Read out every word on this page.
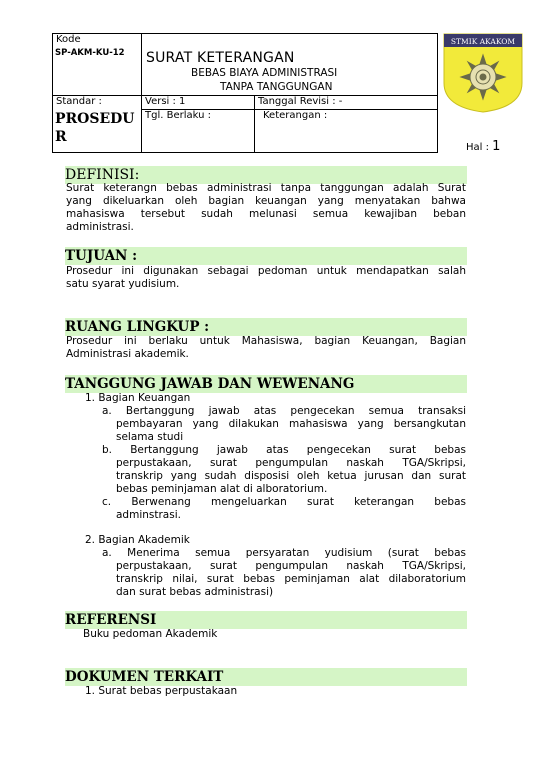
Kode
SP-AKM-KU-12 SURAT KETERANGAN
BEBAS BIAYA ADMINISTRASI
TANPA TANGGUNGAN
Standar :
PROSEDUR
Versi : 1	Tanggal Revisi : -
Tgl. Berlaku :	Keterangan :
STMIK AKAKOM
Hal : 1
DEFINISI:
Surat keterangn bebas administrasi tanpa tanggungan adalah Surat
yang dikeluarkan oleh bagian keuangan yang menyatakan bahwa
mahasiswa tersebut sudah melunasi semua kewajiban beban
administrasi.
TUJUAN :
Prosedur ini digunakan sebagai pedoman untuk mendapatkan salah
satu syarat yudisium.
RUANG LINGKUP :
Prosedur ini berlaku untuk Mahasiswa, bagian Keuangan, Bagian
Administrasi akademik.
TANGGUNG JAWAB DAN WEWENANG
1. Bagian Keuangan
a. Bertanggung jawab atas pengecekan semua transaksi
pembayaran yang dilakukan mahasiswa yang bersangkutan
selama studi
b. Bertanggung jawab atas pengecekan surat bebas
perpustakaan, surat pengumpulan naskah TGA/Skripsi,
transkrip yang sudah disposisi oleh ketua jurusan dan surat
bebas peminjaman alat di alboratorium.
c. Berwenang mengeluarkan surat keterangan bebas
adminstrasi.
2. Bagian Akademik
a. Menerima semua persyaratan yudisium (surat bebas
perpustakaan, surat pengumpulan naskah TGA/Skripsi,
transkrip nilai, surat bebas peminjaman alat dilaboratorium
dan surat bebas administrasi)
REFERENSI
Buku pedoman Akademik
DOKUMEN TERKAIT
1. Surat bebas perpustakaan
